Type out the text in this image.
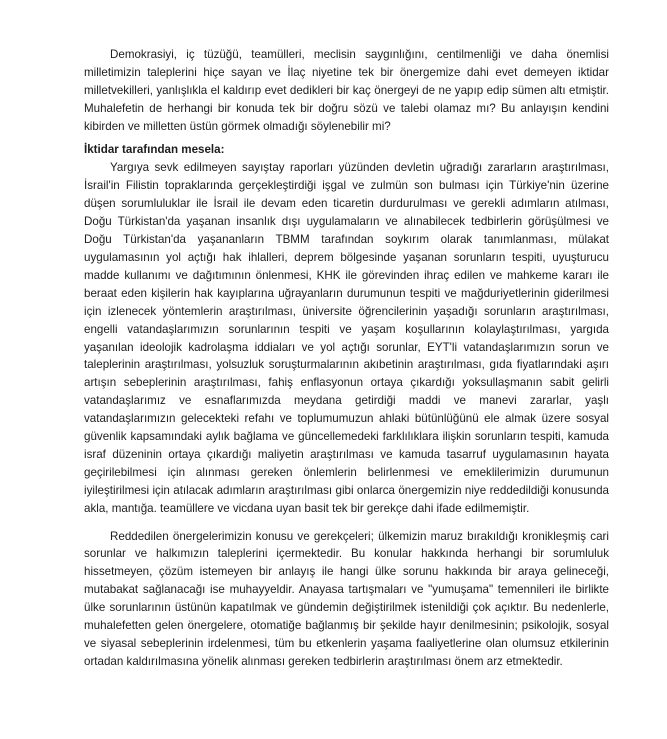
Demokrasiyi, iç tüzüğü, teamülleri, meclisin saygınlığını, centilmenliği ve daha önemlisi milletimizin taleplerini hiçe sayan ve İlaç niyetine tek bir önergemize dahi evet demeyen iktidar milletvekilleri, yanlışlıkla el kaldırıp evet dedikleri bir kaç önergeyi de ne yapıp edip sümen altı etmiştir. Muhalefetin de herhangi bir konuda tek bir doğru sözü ve talebi olamaz mı? Bu anlayışın kendini kibirden ve milletten üstün görmek olmadığı söylenebilir mi?

İktidar tarafından mesela:

Yargıya sevk edilmeyen sayıştay raporları yüzünden devletin uğradığı zararların araştırılması, İsrail'in Filistin topraklarında gerçekleştirdiği işgal ve zulmün son bulması için Türkiye'nin üzerine düşen sorumluluklar ile İsrail ile devam eden ticaretin durdurulması ve gerekli adımların atılması, Doğu Türkistan'da yaşanan insanlık dışı uygulamaların ve alınabilecek tedbirlerin görüşülmesi ve Doğu Türkistan'da yaşananların TBMM tarafından soykırım olarak tanımlanması, mülakat uygulamasının yol açtığı hak ihlalleri, deprem bölgesinde yaşanan sorunların tespiti, uyuşturucu madde kullanımı ve dağıtımının önlenmesi, KHK ile görevinden ihraç edilen ve mahkeme kararı ile beraat eden kişilerin hak kayıplarına uğrayanların durumunun tespiti ve mağduriyetlerinin giderilmesi için izlenecek yöntemlerin araştırılması, üniversite öğrencilerinin yaşadığı sorunların araştırılması, engelli vatandaşlarımızın sorunlarının tespiti ve yaşam koşullarının kolaylaştırılması, yargıda yaşanılan ideolojik kadrolaşma iddiaları ve yol açtığı sorunlar, EYT'li vatandaşlarımızın sorun ve taleplerinin araştırılması, yolsuzluk soruşturmalarının akıbetinin araştırılması, gıda fiyatlarındaki aşırı artışın sebeplerinin araştırılması, fahiş enflasyonun ortaya çıkardığı yoksullaşmanın sabit gelirli vatandaşlarımız ve esnaflarımızda meydana getirdiği maddi ve manevi zararlar, yaşlı vatandaşlarımızın gelecekteki refahı ve toplumumuzun ahlaki bütünlüğünü ele almak üzere sosyal güvenlik kapsamındaki aylık bağlama ve güncellemedeki farklılıklara ilişkin sorunların tespiti, kamuda israf düzeninin ortaya çıkardığı maliyetin araştırılması ve kamuda tasarruf uygulamasının hayata geçirilebilmesi için alınması gereken önlemlerin belirlenmesi ve emeklilerimizin durumunun iyileştirilmesi için atılacak adımların araştırılması gibi onlarca önergemizin niye reddedildiği konusunda akla, mantığa. teamüllere ve vicdana uyan basit tek bir gerekçe dahi ifade edilmemiştir.

Reddedilen önergelerimizin konusu ve gerekçeleri; ülkemizin maruz bırakıldığı kronikleşmiş cari sorunlar ve halkımızın taleplerini içermektedir. Bu konular hakkında herhangi bir sorumluluk hissetmeyen, çözüm istemeyen bir anlayış ile hangi ülke sorunu hakkında bir araya gelineceği, mutabakat sağlanacağı ise muhayyeldir. Anayasa tartışmaları ve "yumuşama" temennileri ile birlikte ülke sorunlarının üstünün kapatılmak ve gündemin değiştirilmek istenildiği çok açıktır. Bu nedenlerle, muhalefetten gelen önergelere, otomatiğe bağlanmış bir şekilde hayır denilmesinin; psikolojik, sosyal ve siyasal sebeplerinin irdelenmesi, tüm bu etkenlerin yaşama faaliyetlerine olan olumsuz etkilerinin ortadan kaldırılmasına yönelik alınması gereken tedbirlerin araştırılması önem arz etmektedir.
